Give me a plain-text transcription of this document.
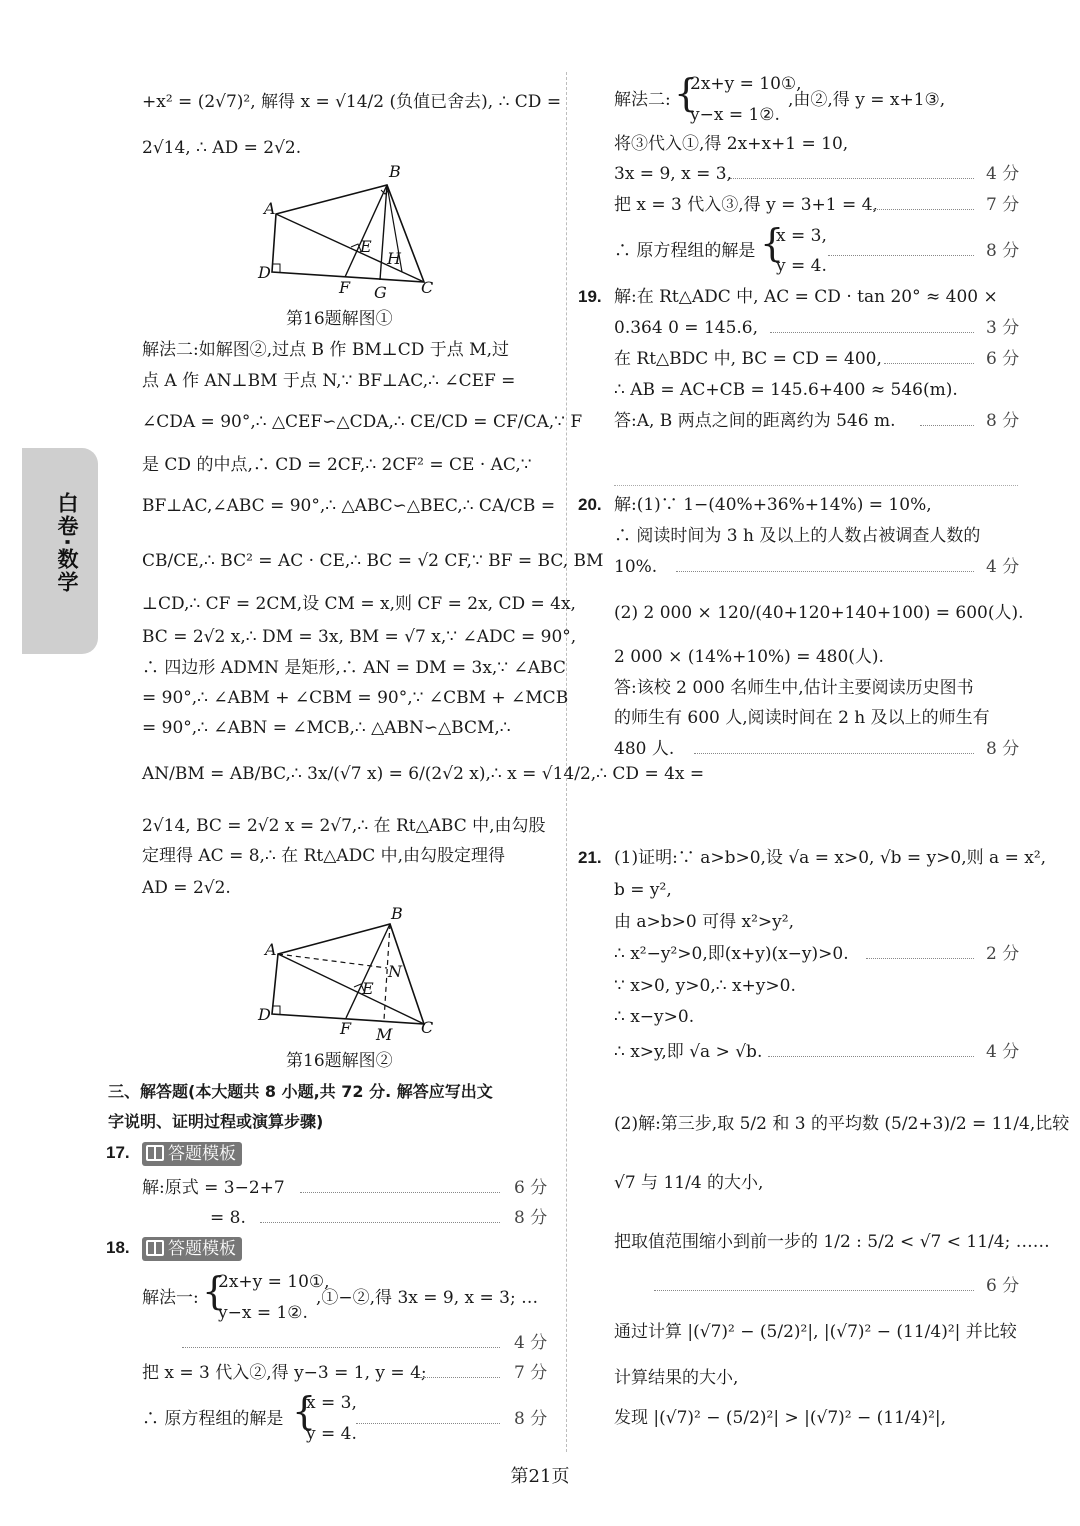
白卷·数学
+x² = (2√7)², 解得 x = √14/2 (负值已舍去), ∴ CD =
2√14, ∴ AD = 2√2.
A
B
C
D
E
F G
H
第16题解图①
解法二:如解图②,过点 B 作 BM⊥CD 于点 M,过
点 A 作 AN⊥BM 于点 N,∵ BF⊥AC,∴ ∠CEF =
∠CDA = 90°,∴ △CEF∽△CDA,∴ CE/CD = CF/CA,∵ F
是 CD 的中点,∴ CD = 2CF,∴ 2CF² = CE · AC,∵
BF⊥AC,∠ABC = 90°,∴ △ABC∽△BEC,∴ CA/CB =
CB/CE,∴ BC² = AC · CE,∴ BC = √2 CF,∵ BF = BC, BM
⊥CD,∴ CF = 2CM,设 CM = x,则 CF = 2x, CD = 4x,
BC = 2√2 x,∴ DM = 3x, BM = √7 x,∵ ∠ADC = 90°,
∴ 四边形 ADMN 是矩形,∴ AN = DM = 3x,∵ ∠ABC
= 90°,∴ ∠ABM + ∠CBM = 90°,∵ ∠CBM + ∠MCB
= 90°,∴ ∠ABN = ∠MCB,∴ △ABN∽△BCM,∴
AN/BM = AB/BC,∴ 3x/(√7 x) = 6/(2√2 x),∴ x = √14/2,∴ CD = 4x =
2√14, BC = 2√2 x = 2√7,∴ 在 Rt△ABC 中,由勾股
定理得 AC = 8,∴ 在 Rt△ADC 中,由勾股定理得
AD = 2√2.
A
B
C
D
E
F M
N
第16题解图②
三、解答题(本大题共 8 小题,共 72 分. 解答应写出文
字说明、证明过程或演算步骤)
17.	答题模板
解:原式 = 3−2+7	6 分
= 8.	8 分
18.	答题模板
解法一: {
2x+y = 10①,
y−x = 1②.
,①−②,得 3x = 9, x = 3; …
4 分
把 x = 3 代入②,得 y−3 = 1, y = 4;	7 分
∴ 原方程组的解是 {
x = 3,
y = 4.
8 分
解法二: {
2x+y = 10①,
y−x = 1②.
,由②,得 y = x+1③,
将③代入①,得 2x+x+1 = 10,
3x = 9, x = 3,	4 分
把 x = 3 代入③,得 y = 3+1 = 4,	7 分
∴ 原方程组的解是 {
x = 3,
y = 4.
8 分
19. 解:在 Rt△ADC 中, AC = CD · tan 20° ≈ 400 ×
0.364 0 = 145.6,	3 分
在 Rt△BDC 中, BC = CD = 400,	6 分
∴ AB = AC+CB = 145.6+400 ≈ 546(m).
答:A, B 两点之间的距离约为 546 m.	8 分
20. 解:(1)∵ 1−(40%+36%+14%) = 10%,
∴ 阅读时间为 3 h 及以上的人数占被调查人数的
10%.	4 分
(2) 2 000 × 120/(40+120+140+100) = 600(人).
2 000 × (14%+10%) = 480(人).
答:该校 2 000 名师生中,估计主要阅读历史图书
的师生有 600 人,阅读时间在 2 h 及以上的师生有
480 人.	8 分
21. (1)证明:∵ a>b>0,设 √a = x>0, √b = y>0,则 a = x²,
b = y²,
由 a>b>0 可得 x²>y²,
∴ x²−y²>0,即(x+y)(x−y)>0.	2 分
∵ x>0, y>0,∴ x+y>0.
∴ x−y>0.
∴ x>y,即 √a > √b.	4 分
(2)解:第三步,取 5/2 和 3 的平均数 (5/2+3)/2 = 11/4,比较
√7 与 11/4 的大小,
把取值范围缩小到前一步的 1/2 : 5/2 < √7 < 11/4; ……
6 分
通过计算 |(√7)² − (5/2)²|, |(√7)² − (11/4)²| 并比较
计算结果的大小,
发现 |(√7)² − (5/2)²| > |(√7)² − (11/4)²|,
第21页
